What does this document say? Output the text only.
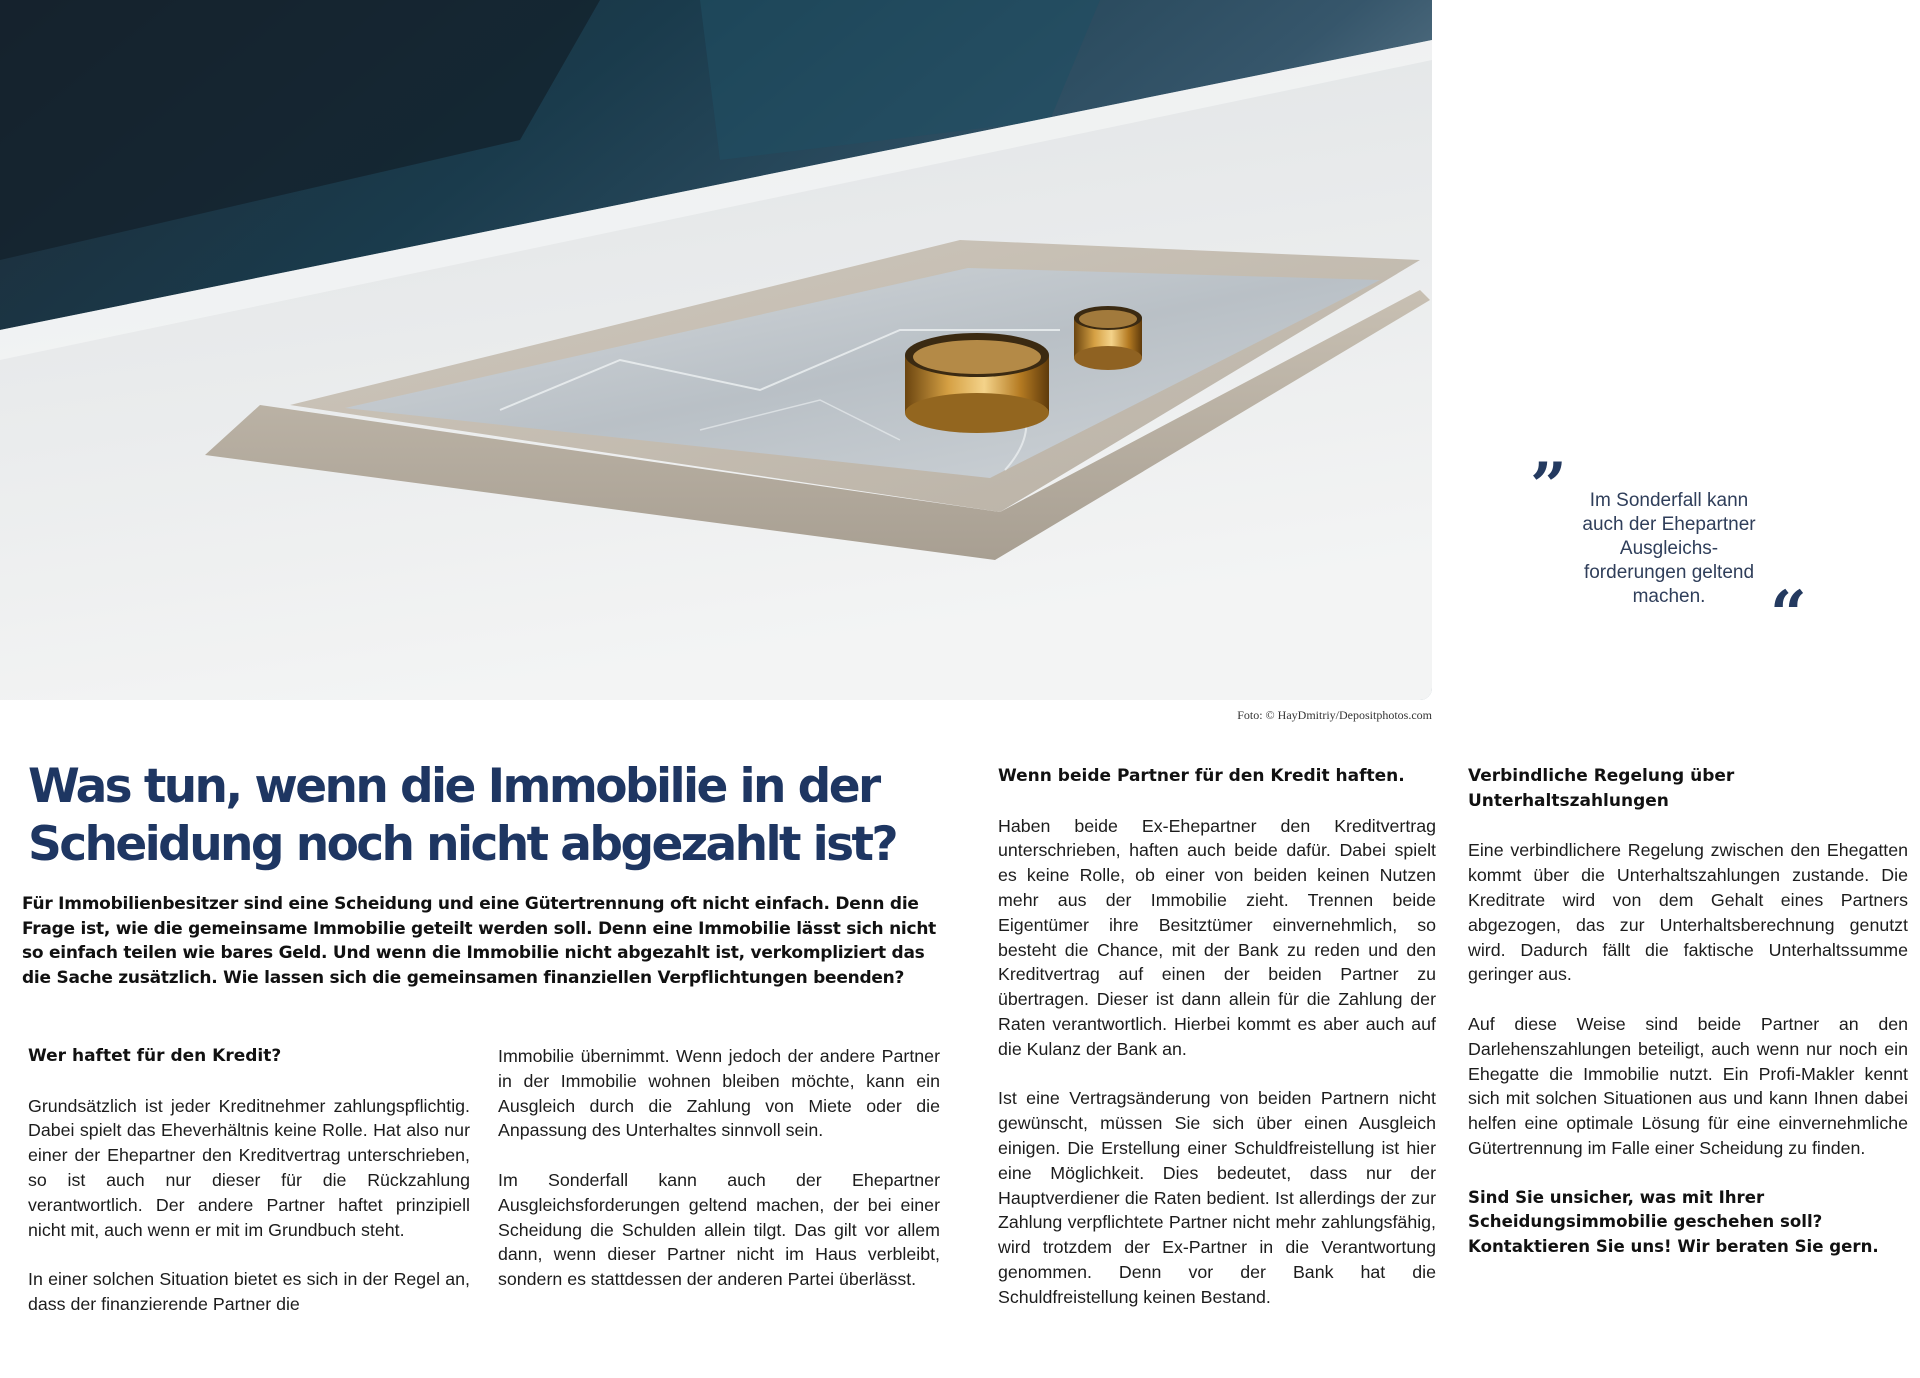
Foto: © HayDmitriy/Depositphotos.com
”	Im Sonderfall kann
auch der Ehepartner
Ausgleichs-
forderungen geltend
machen.	“
Was tun, wenn die Immobilie in der
Scheidung noch nicht abgezahlt ist?

Für Immobilienbesitzer sind eine Scheidung und eine Gütertrennung oft nicht einfach. Denn die Frage ist, wie die gemeinsame Immobilie geteilt werden soll. Denn eine Immobilie lässt sich nicht so einfach teilen wie bares Geld. Und wenn die Immobilie nicht abgezahlt ist, verkompliziert das die Sache zusätzlich. Wie lassen sich die gemeinsamen finanziellen Verpflichtungen beenden?

Wer haftet für den Kredit?

Grundsätzlich ist jeder Kreditnehmer zahlungspflichtig. Dabei spielt das Eheverhältnis keine Rolle. Hat also nur einer der Ehepartner den Kreditvertrag unterschrieben, so ist auch nur dieser für die Rückzahlung verantwortlich. Der andere Partner haftet prinzipiell nicht mit, auch wenn er mit im Grundbuch steht.

In einer solchen Situation bietet es sich in der Regel an, dass der finanzierende Partner die

Immobilie übernimmt. Wenn jedoch der andere Partner in der Immobilie wohnen bleiben möchte, kann ein Ausgleich durch die Zahlung von Miete oder die Anpassung des Unterhaltes sinnvoll sein.

Im Sonderfall kann auch der Ehepartner Ausgleichsforderungen geltend machen, der bei einer Scheidung die Schulden allein tilgt. Das gilt vor allem dann, wenn dieser Partner nicht im Haus verbleibt, sondern es stattdessen der anderen Partei überlässt.

Wenn beide Partner für den Kredit haften.

Haben beide Ex-Ehepartner den Kreditvertrag unterschrieben, haften auch beide dafür. Dabei spielt es keine Rolle, ob einer von beiden keinen Nutzen mehr aus der Immobilie zieht. Trennen beide Eigentümer ihre Besitztümer einvernehmlich, so besteht die Chance, mit der Bank zu reden und den Kreditvertrag auf einen der beiden Partner zu übertragen. Dieser ist dann allein für die Zahlung der Raten verantwortlich. Hierbei kommt es aber auch auf die Kulanz der Bank an.

Ist eine Vertragsänderung von beiden Partnern nicht gewünscht, müssen Sie sich über einen Ausgleich einigen. Die Erstellung einer Schuldfreistellung ist hier eine Möglichkeit. Dies bedeutet, dass nur der Hauptverdiener die Raten bedient. Ist allerdings der zur Zahlung verpflichtete Partner nicht mehr zahlungsfähig, wird trotzdem der Ex-Partner in die Verantwortung genommen. Denn vor der Bank hat die Schuldfreistellung keinen Bestand.

Verbindliche Regelung über Unterhaltszahlungen

Eine verbindlichere Regelung zwischen den Ehegatten kommt über die Unterhaltszahlungen zustande. Die Kreditrate wird von dem Gehalt eines Partners abgezogen, das zur Unterhaltsberechnung genutzt wird. Dadurch fällt die faktische Unterhaltssumme geringer aus.

Auf diese Weise sind beide Partner an den Darlehenszahlungen beteiligt, auch wenn nur noch ein Ehegatte die Immobilie nutzt. Ein Profi-Makler kennt sich mit solchen Situationen aus und kann Ihnen dabei helfen eine optimale Lösung für eine einvernehmliche Gütertrennung im Falle einer Scheidung zu finden.

Sind Sie unsicher, was mit Ihrer Scheidungsimmobilie geschehen soll? Kontaktieren Sie uns! Wir beraten Sie gern.
